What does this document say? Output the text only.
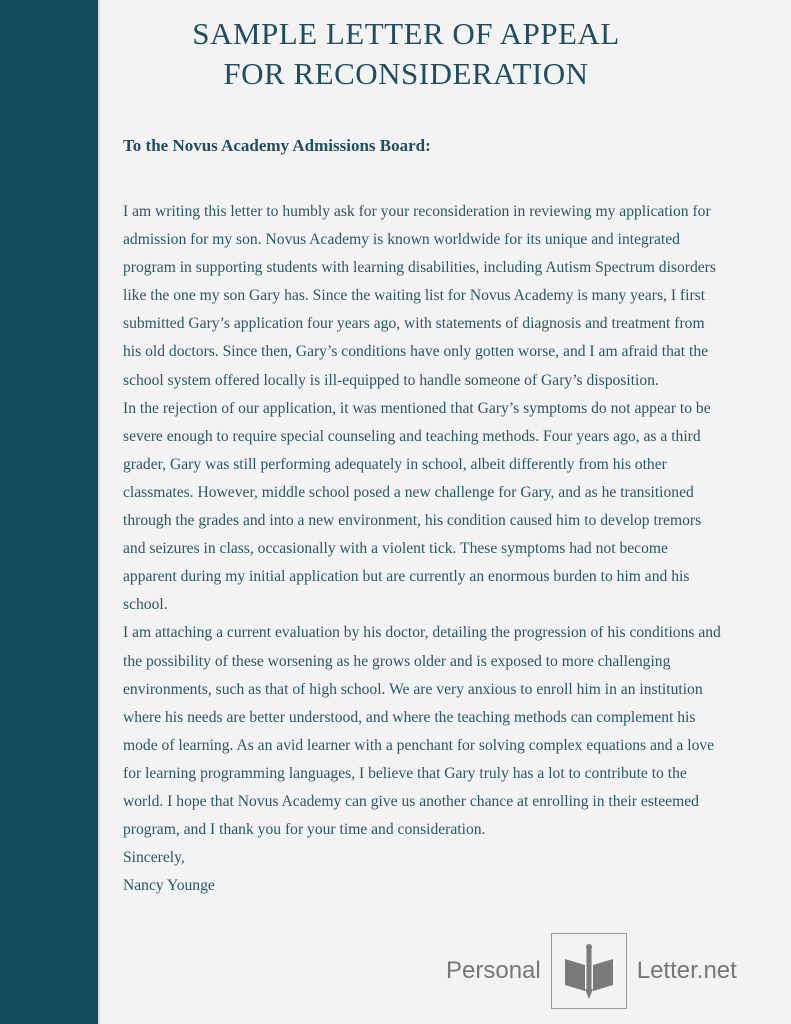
SAMPLE LETTER OF APPEAL
FOR RECONSIDERATION
To the Novus Academy Admissions Board:

I am writing this letter to humbly ask for your reconsideration in reviewing my application for admission for my son. Novus Academy is known worldwide for its unique and integrated program in supporting students with learning disabilities, including Autism Spectrum disorders like the one my son Gary has. Since the waiting list for Novus Academy is many years, I first submitted Gary’s application four years ago, with statements of diagnosis and treatment from his old doctors. Since then, Gary’s conditions have only gotten worse, and I am afraid that the school system offered locally is ill-equipped to handle someone of Gary’s disposition.

In the rejection of our application, it was mentioned that Gary’s symptoms do not appear to be severe enough to require special counseling and teaching methods. Four years ago, as a third grader, Gary was still performing adequately in school, albeit differently from his other classmates. However, middle school posed a new challenge for Gary, and as he transitioned through the grades and into a new environment, his condition caused him to develop tremors and seizures in class, occasionally with a violent tick. These symptoms had not become apparent during my initial application but are currently an enormous burden to him and his school.

I am attaching a current evaluation by his doctor, detailing the progression of his conditions and the possibility of these worsening as he grows older and is exposed to more challenging environments, such as that of high school. We are very anxious to enroll him in an institution where his needs are better understood, and where the teaching methods can complement his mode of learning. As an avid learner with a penchant for solving complex equations and a love for learning programming languages, I believe that Gary truly has a lot to contribute to the world. I hope that Novus Academy can give us another chance at enrolling in their esteemed program, and I thank you for your time and consideration.

Sincerely,

Nancy Younge

Personal	Letter.net
